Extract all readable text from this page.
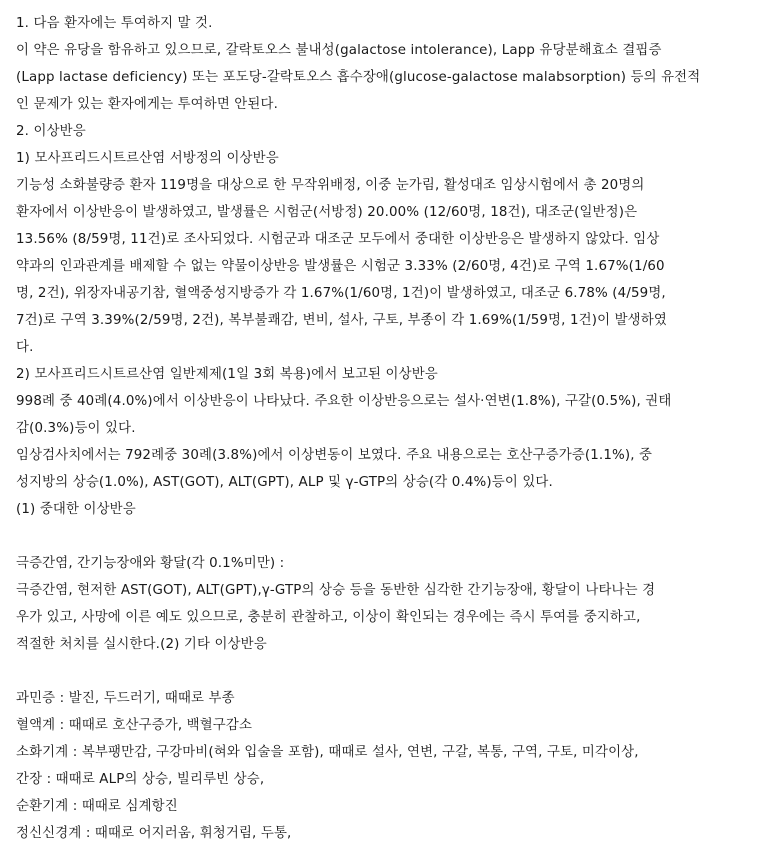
1. 다음 환자에는 투여하지 말 것.
이 약은 유당을 함유하고 있으므로, 갈락토오스 불내성(galactose intolerance), Lapp 유당분해효소 결핍증
(Lapp lactase deficiency) 또는 포도당-갈락토오스 흡수장애(glucose-galactose malabsorption) 등의 유전적
인 문제가 있는 환자에게는 투여하면 안된다.
2. 이상반응
1) 모사프리드시트르산염 서방정의 이상반응
기능성 소화불량증 환자 119명을 대상으로 한 무작위배정, 이중 눈가림, 활성대조 임상시험에서 총 20명의
환자에서 이상반응이 발생하였고, 발생률은 시험군(서방정) 20.00% (12/60명, 18건), 대조군(일반정)은
13.56% (8/59명, 11건)로 조사되었다. 시험군과 대조군 모두에서 중대한 이상반응은 발생하지 않았다. 임상
약과의 인과관계를 배제할 수 없는 약물이상반응 발생률은 시험군 3.33% (2/60명, 4건)로 구역 1.67%(1/60
명, 2건), 위장자내공기참, 혈액중성지방증가 각 1.67%(1/60명, 1건)이 발생하였고, 대조군 6.78% (4/59명,
7건)로 구역 3.39%(2/59명, 2건), 복부불쾌감, 변비, 설사, 구토, 부종이 각 1.69%(1/59명, 1건)이 발생하였
다.
2) 모사프리드시트르산염 일반제제(1일 3회 복용)에서 보고된 이상반응
998례 중 40례(4.0%)에서 이상반응이 나타났다. 주요한 이상반응으로는 설사·연변(1.8%), 구갈(0.5%), 권태
감(0.3%)등이 있다.
임상검사치에서는 792례중 30례(3.8%)에서 이상변동이 보였다. 주요 내용으로는 호산구증가증(1.1%), 중
성지방의 상승(1.0%), AST(GOT), ALT(GPT), ALP 및 γ-GTP의 상승(각 0.4%)등이 있다.
(1) 중대한 이상반응
극증간염, 간기능장애와 황달(각 0.1%미만) :
극증간염, 현저한 AST(GOT), ALT(GPT),γ-GTP의 상승 등을 동반한 심각한 간기능장애, 황달이 나타나는 경
우가 있고, 사망에 이른 예도 있으므로, 충분히 관찰하고, 이상이 확인되는 경우에는 즉시 투여를 중지하고,
적절한 처치를 실시한다.(2) 기타 이상반응
과민증 : 발진, 두드러기, 때때로 부종
혈액계 : 때때로 호산구증가, 백혈구감소
소화기계 : 복부팽만감, 구강마비(혀와 입술을 포함), 때때로 설사, 연변, 구갈, 복통, 구역, 구토, 미각이상,
간장 : 때때로 ALP의 상승, 빌리루빈 상승,
순환기계 : 때때로 심계항진
정신신경계 : 때때로 어지러움, 휘청거림, 두통,
